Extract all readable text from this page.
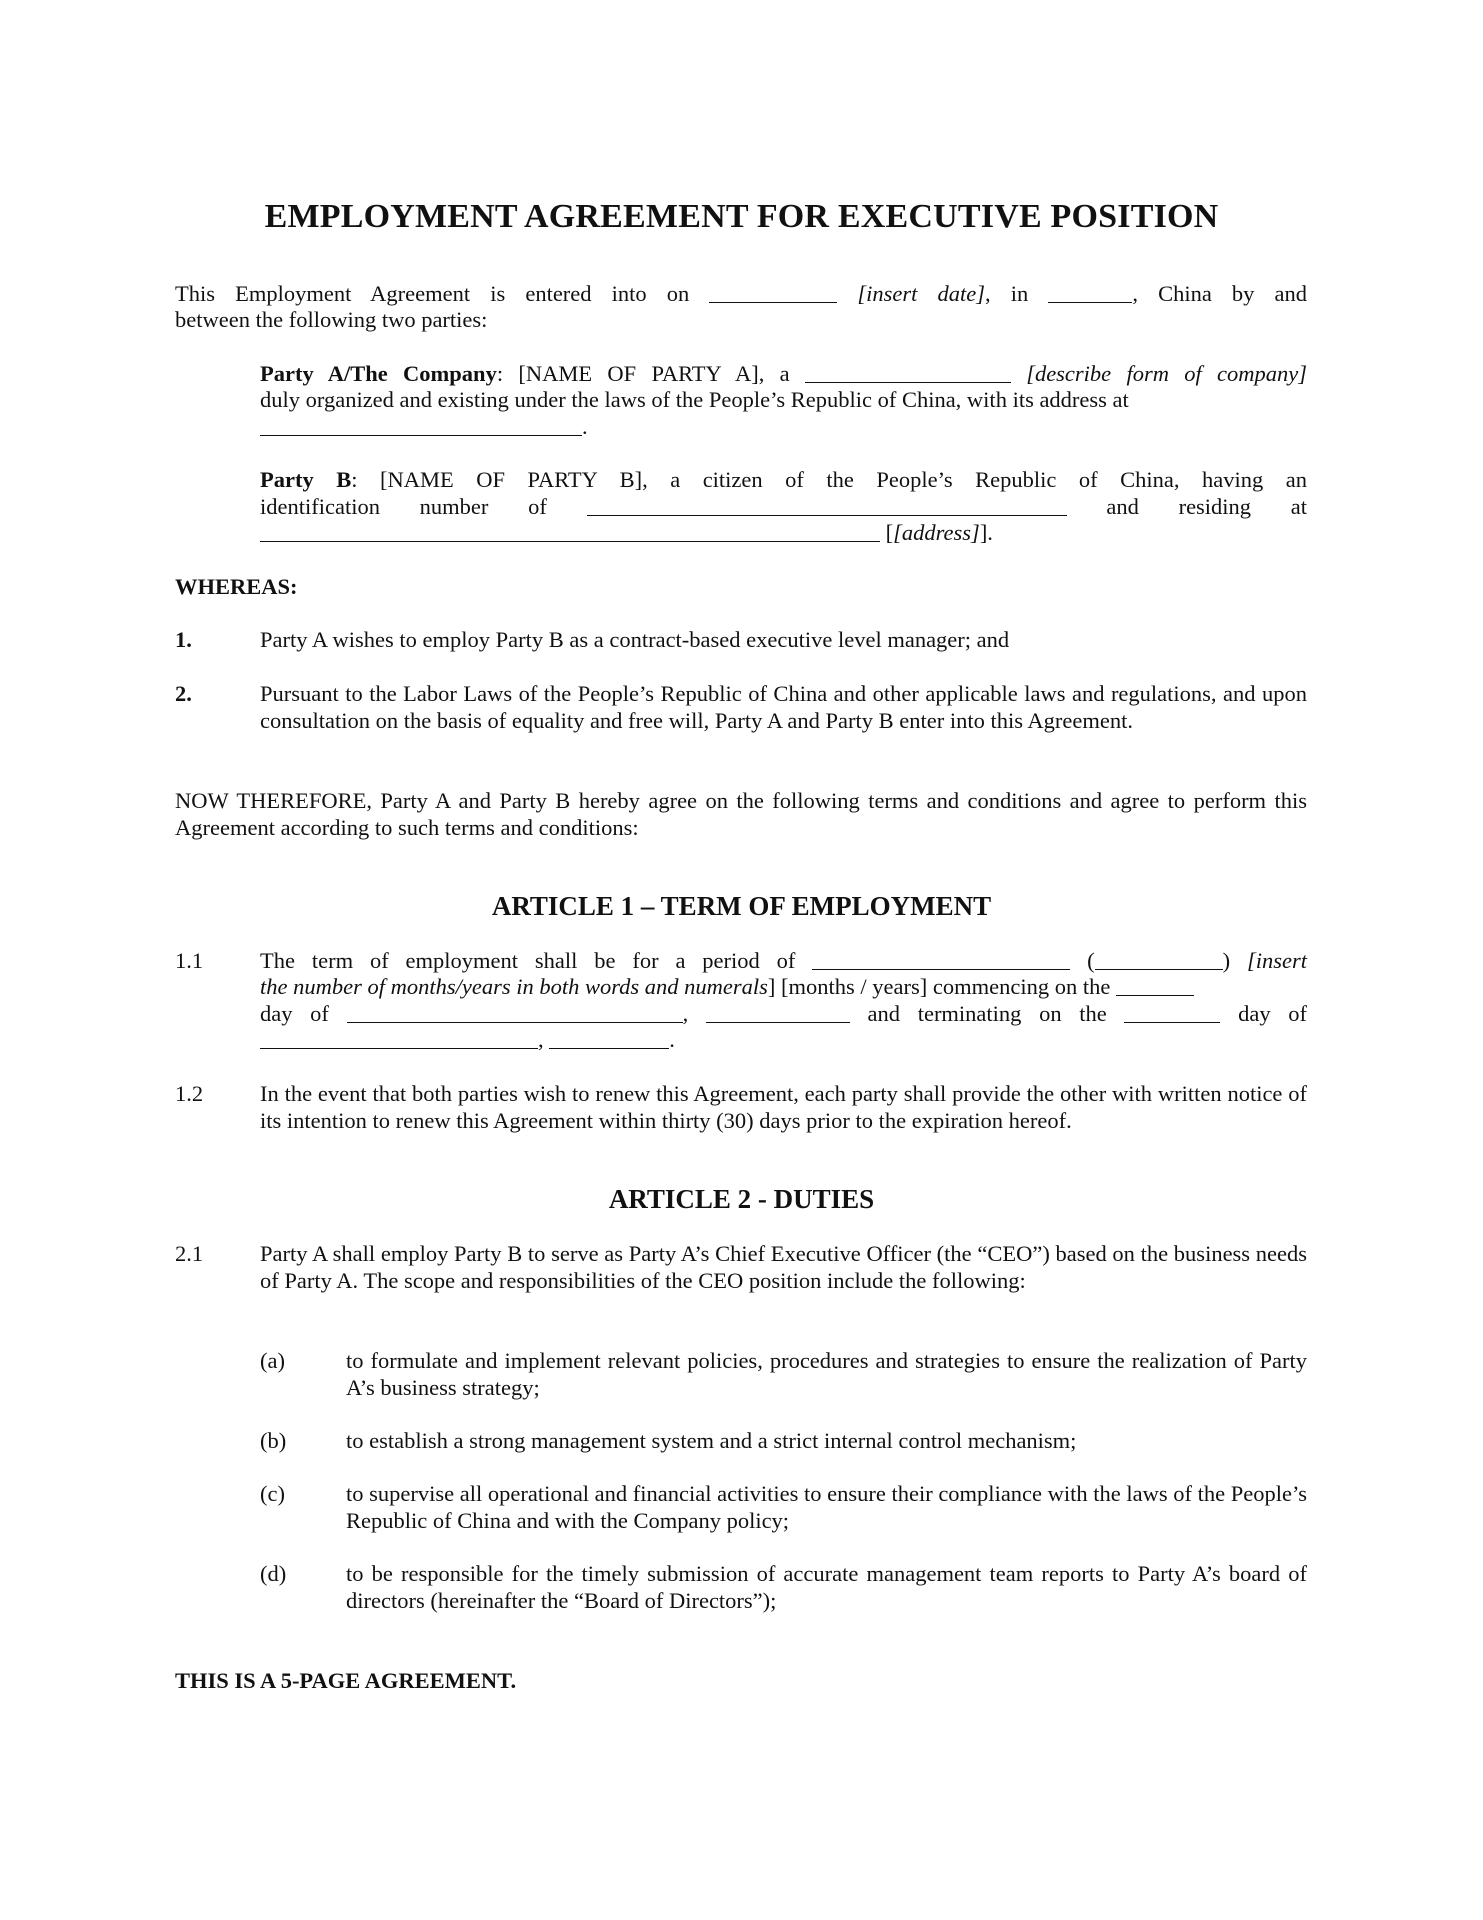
EMPLOYMENT AGREEMENT FOR EXECUTIVE POSITION
This Employment Agreement is entered into on	[insert date], in	, China by and
between the following two parties:
Party A/The Company: [NAME OF PARTY A], a	[describe form of company]
duly organized and existing under the laws of the People’s Republic of China, with its address at
.
Party B: [NAME OF PARTY B], a citizen of the People’s Republic of China, having an
identification number of	and residing at
[[address]].
WHEREAS:
1.	Party A wishes to employ Party B as a contract-based executive level manager; and
2.	Pursuant to the Labor Laws of the People’s Republic of China and other applicable laws and regulations, and upon consultation on the basis of equality and free will, Party A and Party B enter into this Agreement.
NOW THEREFORE, Party A and Party B hereby agree on the following terms and conditions and agree to perform this Agreement according to such terms and conditions:
ARTICLE 1 – TERM OF EMPLOYMENT
1.1	The term of employment shall be for a period of	(	) [insert
the number of months/years in both words and numerals] [months / years] commencing on the
day of	,	and terminating on the	day of
,	.
1.2	In the event that both parties wish to renew this Agreement, each party shall provide the other with written notice of its intention to renew this Agreement within thirty (30) days prior to the expiration hereof.
ARTICLE 2 - DUTIES
2.1	Party A shall employ Party B to serve as Party A’s Chief Executive Officer (the “CEO”) based on the business needs of Party A. The scope and responsibilities of the CEO position include the following:
(a)	to formulate and implement relevant policies, procedures and strategies to ensure the realization of Party A’s business strategy;
(b)	to establish a strong management system and a strict internal control mechanism;
(c)	to supervise all operational and financial activities to ensure their compliance with the laws of the People’s Republic of China and with the Company policy;
(d)	to be responsible for the timely submission of accurate management team reports to Party A’s board of directors (hereinafter the “Board of Directors”);
THIS IS A 5-PAGE AGREEMENT.
